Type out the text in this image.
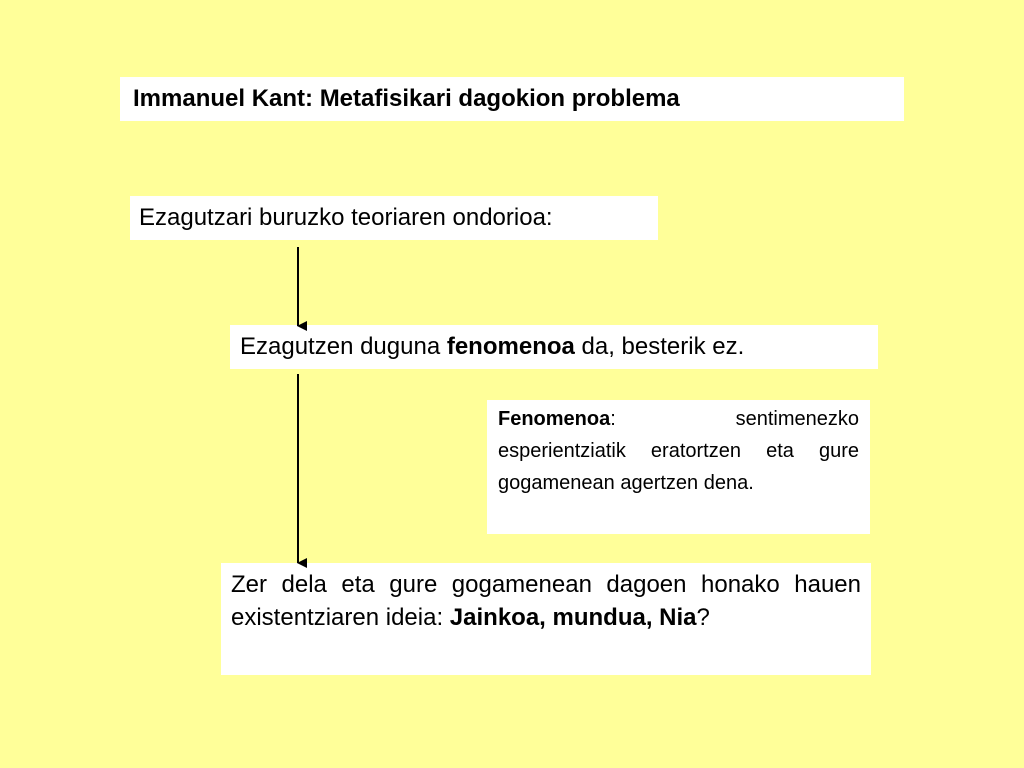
Immanuel Kant: Metafisikari dagokion problema
Ezagutzari buruzko teoriaren ondorioa:
Ezagutzen duguna fenomenoa da, besterik ez.
Fenomenoa: sentimenezko esperientziatik eratortzen eta gure gogamenean agertzen dena.
Zer dela eta gure gogamenean dagoen honako hauen existentziaren ideia: Jainkoa, mundua, Nia?
